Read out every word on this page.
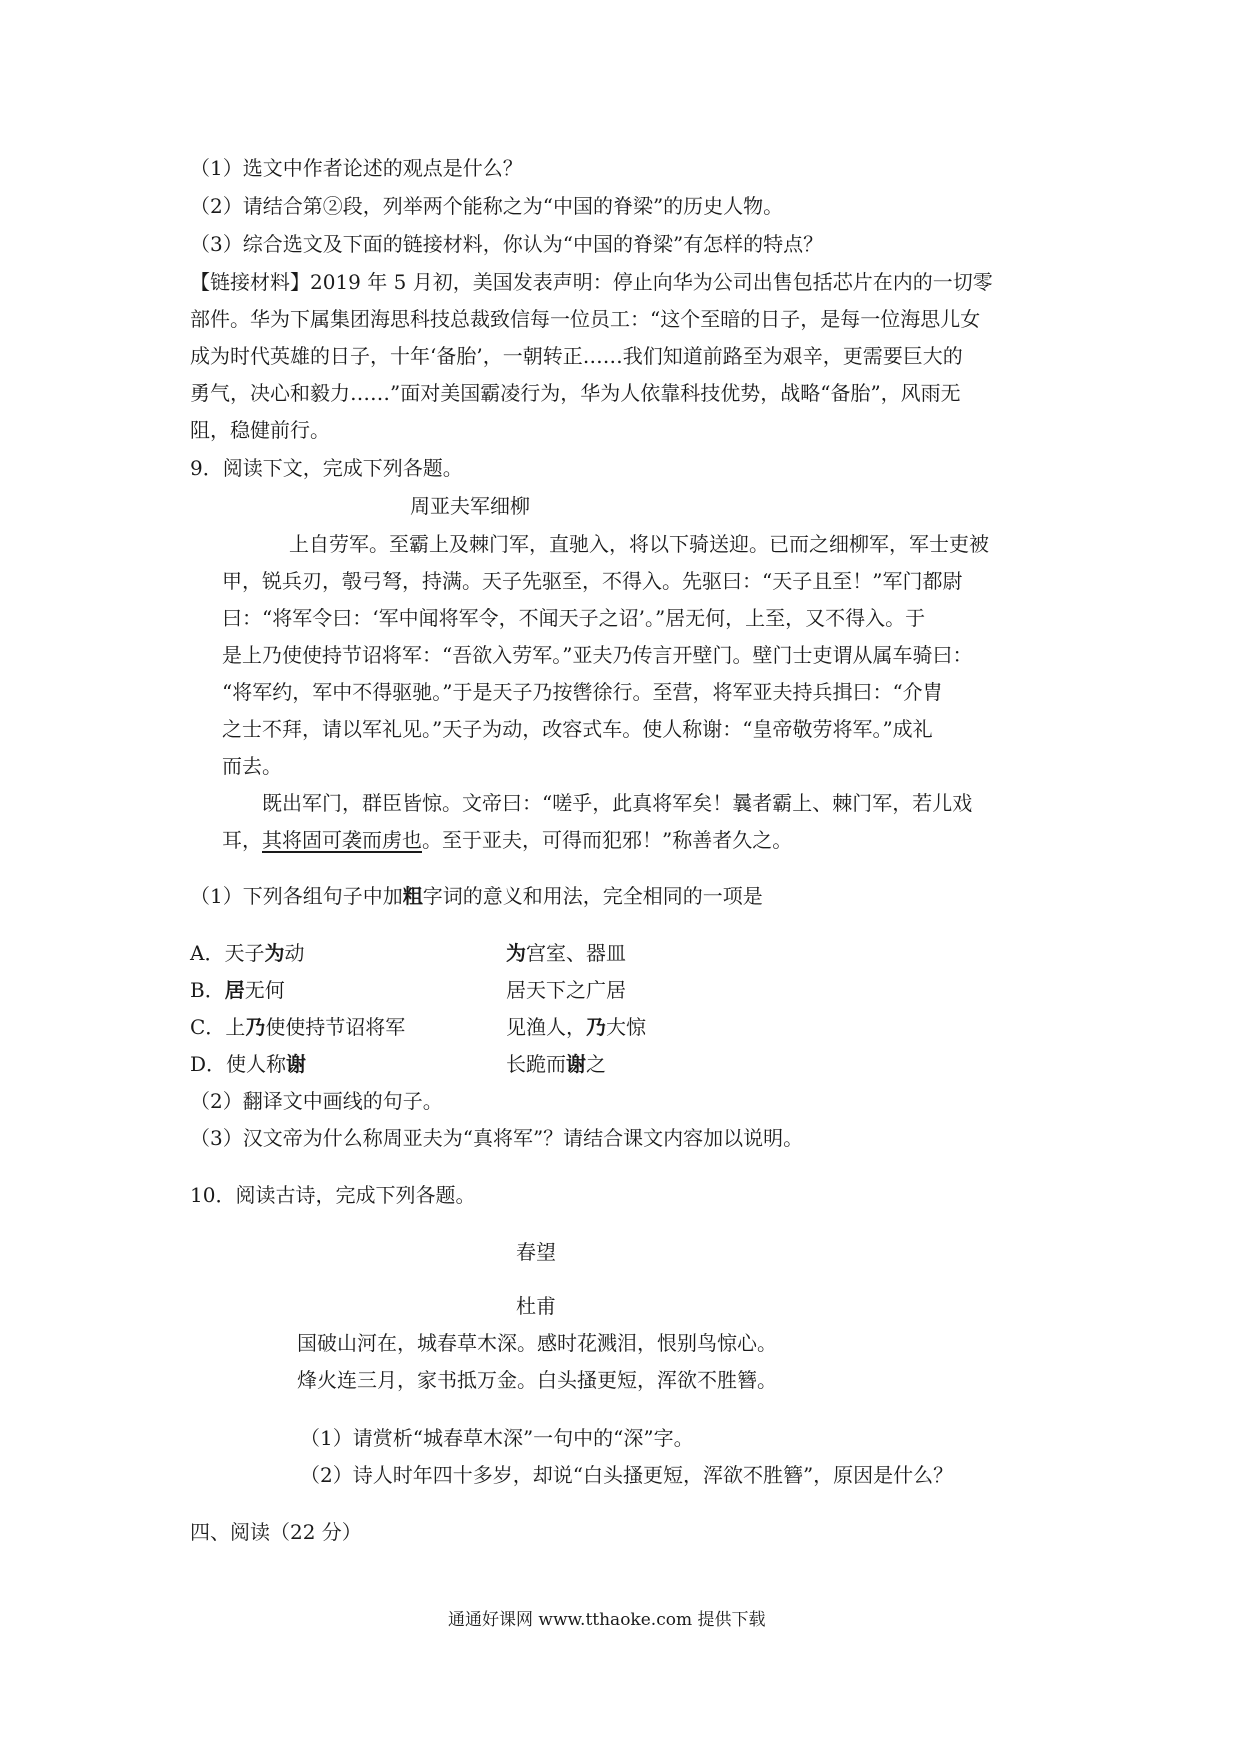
（1）选文中作者论述的观点是什么？
（2）请结合第②段，列举两个能称之为“中国的脊梁”的历史人物。
（3）综合选文及下面的链接材料，你认为“中国的脊梁”有怎样的特点？
【链接材料】2019 年 5 月初，美国发表声明：停止向华为公司出售包括芯片在内的一切零
部件。华为下属集团海思科技总裁致信每一位员工：“这个至暗的日子，是每一位海思儿女
成为时代英雄的日子，十年‘备胎’，一朝转正……我们知道前路至为艰辛，更需要巨大的
勇气，决心和毅力……”面对美国霸凌行为，华为人依靠科技优势，战略“备胎”，风雨无
阻，稳健前行。
9．阅读下文，完成下列各题。
周亚夫军细柳
上自劳军。至霸上及棘门军，直驰入，将以下骑送迎。已而之细柳军，军士吏被
甲，锐兵刃，彀弓弩，持满。天子先驱至，不得入。先驱曰：“天子且至！”军门都尉
曰：“将军令曰：‘军中闻将军令，不闻天子之诏’。”居无何，上至，又不得入。于
是上乃使使持节诏将军：“吾欲入劳军。”亚夫乃传言开壁门。壁门士吏谓从属车骑曰：
“将军约，军中不得驱驰。”于是天子乃按辔徐行。至营，将军亚夫持兵揖曰：“介胄
之士不拜，请以军礼见。”天子为动，改容式车。使人称谢：“皇帝敬劳将军。”成礼
而去。
既出军门，群臣皆惊。文帝曰：“嗟乎，此真将军矣！曩者霸上、棘门军，若儿戏
耳，其将固可袭而虏也。至于亚夫，可得而犯邪！”称善者久之。
（1）下列各组句子中加粗字词的意义和用法，完全相同的一项是
A．天子为动	为宫室、器皿
B．居无何	居天下之广居
C．上乃使使持节诏将军	见渔人，乃大惊
D．使人称谢	长跪而谢之
（2）翻译文中画线的句子。
（3）汉文帝为什么称周亚夫为“真将军”？请结合课文内容加以说明。
10．阅读古诗，完成下列各题。
春望
杜甫
国破山河在，城春草木深。感时花溅泪，恨别鸟惊心。
烽火连三月，家书抵万金。白头搔更短，浑欲不胜簪。
（1）请赏析“城春草木深”一句中的“深”字。
（2）诗人时年四十多岁，却说“白头搔更短，浑欲不胜簪”，原因是什么？
四、阅读（22 分）
通通好课网 www.tthaoke.com 提供下载
